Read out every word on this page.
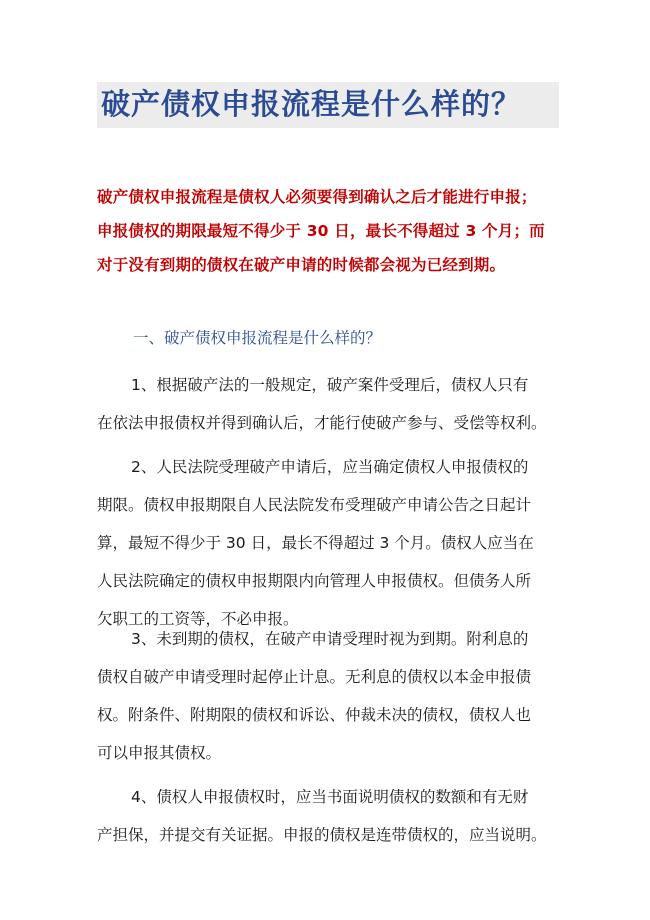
破产债权申报流程是什么样的？
破产债权申报流程是债权人必须要得到确认之后才能进行申报；
申报债权的期限最短不得少于 30 日，最长不得超过 3 个月；而
对于没有到期的债权在破产申请的时候都会视为已经到期。
一、破产债权申报流程是什么样的？
1、根据破产法的一般规定，破产案件受理后，债权人只有
在依法申报债权并得到确认后，才能行使破产参与、受偿等权利。
2、人民法院受理破产申请后，应当确定债权人申报债权的
期限。债权申报期限自人民法院发布受理破产申请公告之日起计
算，最短不得少于 30 日，最长不得超过 3 个月。债权人应当在
人民法院确定的债权申报期限内向管理人申报债权。但债务人所
欠职工的工资等，不必申报。
3、未到期的债权，在破产申请受理时视为到期。附利息的
债权自破产申请受理时起停止计息。无利息的债权以本金申报债
权。附条件、附期限的债权和诉讼、仲裁未决的债权，债权人也
可以申报其债权。
4、债权人申报债权时，应当书面说明债权的数额和有无财
产担保，并提交有关证据。申报的债权是连带债权的，应当说明。
